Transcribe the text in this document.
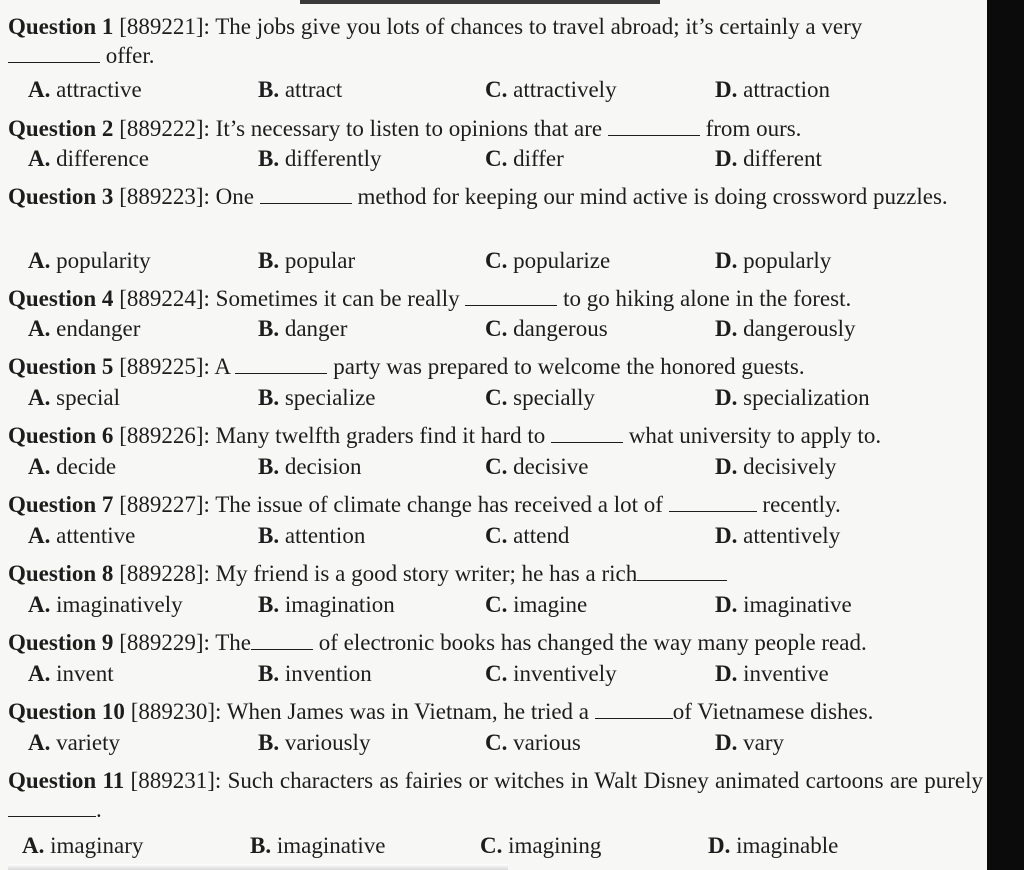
Question 1 [889221]: The jobs give you lots of chances to travel abroad; it’s certainly a very
offer.
A. attractive	B. attract	C. attractively	D. attraction
Question 2 [889222]: It’s necessary to listen to opinions that are	from ours.
A. difference	B. differently	C. differ	D. different
Question 3 [889223]: One	method for keeping our mind active is doing crossword puzzles.
A. popularity	B. popular	C. popularize	D. popularly
Question 4 [889224]: Sometimes it can be really	to go hiking alone in the forest.
A. endanger	B. danger	C. dangerous	D. dangerously
Question 5 [889225]: A	party was prepared to welcome the honored guests.
A. special	B. specialize	C. specially	D. specialization
Question 6 [889226]: Many twelfth graders find it hard to	what university to apply to.
A. decide	B. decision	C. decisive	D. decisively
Question 7 [889227]: The issue of climate change has received a lot of	recently.
A. attentive	B. attention	C. attend	D. attentively
Question 8 [889228]: My friend is a good story writer; he has a rich
A. imaginatively	B. imagination	C. imagine	D. imaginative
Question 9 [889229]: The	of electronic books has changed the way many people read.
A. invent	B. invention	C. inventively	D. inventive
Question 10 [889230]: When James was in Vietnam, he tried a	of Vietnamese dishes.
A. variety	B. variously	C. various	D. vary
Question 11 [889231]: Such characters as fairies or witches in Walt Disney animated cartoons are purely .
A. imaginary	B. imaginative	C. imagining	D. imaginable
